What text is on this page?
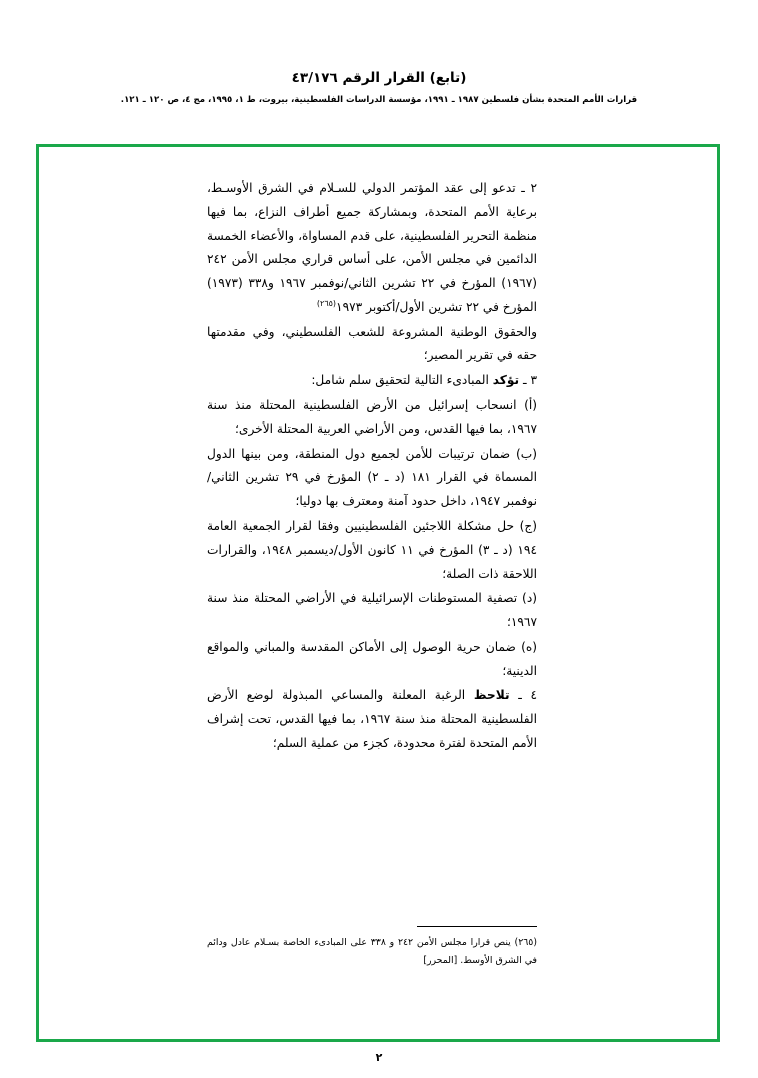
(تابع) القرار الرقم ٤٣/١٧٦
قرارات الأمم المتحدة بشأن فلسطين ١٩٨٧ ـ ١٩٩١، مؤسسة الدراسات الفلسطينية، بيروت، ط ١، ١٩٩٥، مج ٤، ص ١٢٠ ـ ١٢١.

٢ ـ تدعو إلى عقد المؤتمر الدولي للسـلام في الشرق الأوسـط، برعاية الأمم المتحدة، وبمشاركة جميع أطراف النزاع، بما فيها منظمة التحرير الفلسطينية، على قدم المساواة، والأعضاء الخمسة الدائمين في مجلس الأمن، على أساس قراري مجلس الأمن ٢٤٢ (١٩٦٧) المؤرخ في ٢٢ تشرين الثاني/نوفمبر ١٩٦٧ و٣٣٨ (١٩٧٣) المؤرخ في ٢٢ تشرين الأول/أكتوبر ١٩٧٣$^{(٢٦٥)}$

والحقوق الوطنية المشروعة للشعب الفلسطيني، وفي مقدمتها حقه في تقرير المصير؛

٣ ـ تؤكد المبادىء التالية لتحقيق سلم شامل:

(أ) انسحاب إسرائيل من الأرض الفلسطينية المحتلة منذ سنة ١٩٦٧، بما فيها القدس، ومن الأراضي العربية المحتلة الأخرى؛

(ب) ضمان ترتيبات للأمن لجميع دول المنطقة، ومن بينها الدول المسماة في القرار ١٨١ (د ـ ٢) المؤرخ في ٢٩ تشرين الثاني/نوفمبر ١٩٤٧، داخل حدود آمنة ومعترف بها دوليا؛

(ج) حل مشكلة اللاجئين الفلسطينيين وفقا لقرار الجمعية العامة ١٩٤ (د ـ ٣) المؤرخ في ١١ كانون الأول/ديسمبر ١٩٤٨، والقرارات اللاحقة ذات الصلة؛

(د) تصفية المستوطنات الإسرائيلية في الأراضي المحتلة منذ سنة ١٩٦٧؛

(ه) ضمان حرية الوصول إلى الأماكن المقدسة والمباني والمواقع الدينية؛

٤ ـ تلاحظ الرغبة المعلنة والمساعي المبذولة لوضع الأرض الفلسطينية المحتلة منذ سنة ١٩٦٧، بما فيها القدس، تحت إشراف الأمم المتحدة لفترة محدودة، كجزء من عملية السلم؛

(٢٦٥) ينص قرارا مجلس الأمن ٢٤٢ و ٣٣٨ على المبادىء الخاصة بسـلام عادل ودائم في الشرق الأوسط. [المحرر]
٢
